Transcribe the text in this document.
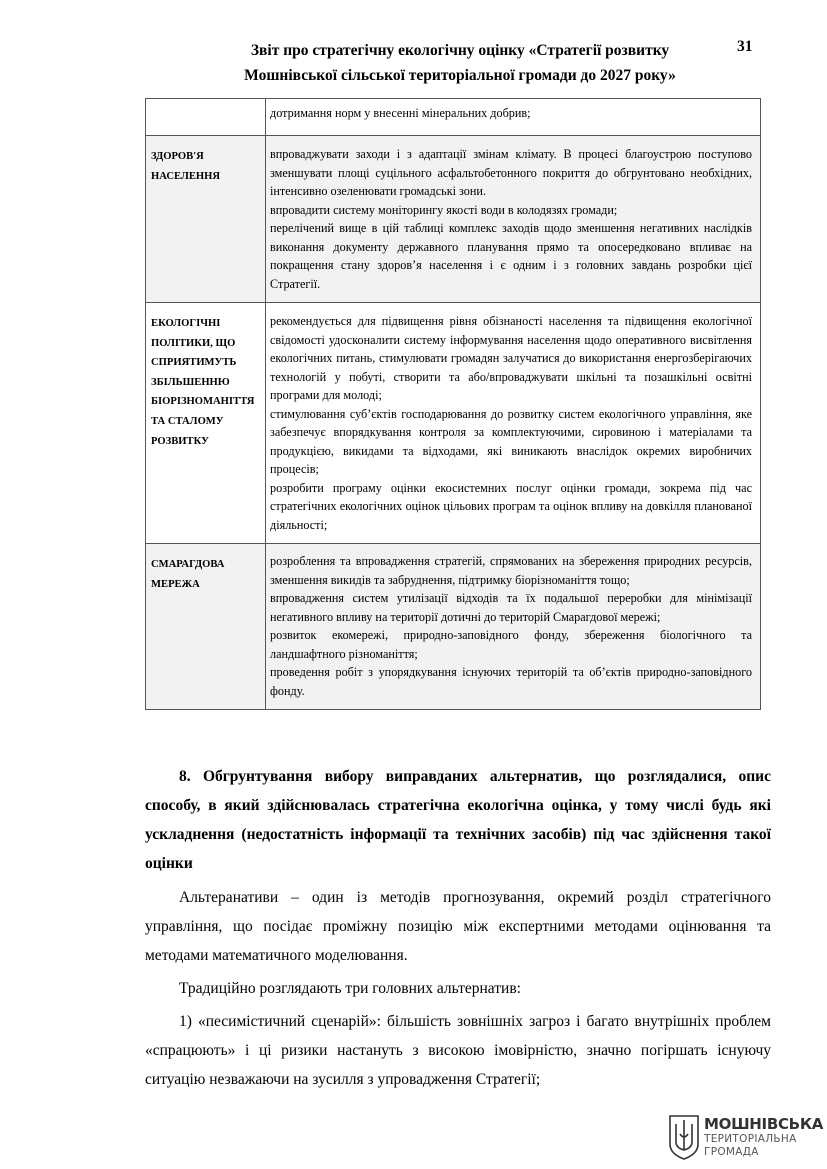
Звіт про стратегічну екологічну оцінку «Стратегії розвитку
Мошнівської сільської територіальної громади до 2027 року»
31
	дотримання норм у внесенні мінеральних добрив;
ЗДОРОВ'Я НАСЕЛЕННЯ	впроваджувати заходи і з адаптації змінам клімату. В процесі благоустрою поступово зменшувати площі суцільного асфальтобетонного покриття до обгрунтовано необхідних, інтенсивно озеленювати громадські зони.

впровадити систему моніторингу якості води в колодязях громади;

перелічений вище в цій таблиці комплекс заходів щодо зменшення негативних наслідків виконання документу державного планування прямо та опосередковано впливає на покращення стану здоров’я населення і є одним і з головних завдань розробки цієї Стратегії.

ЕКОЛОГІЧНІ ПОЛІТИКИ, ЩО СПРИЯТИМУТЬ ЗБІЛЬШЕННЮ БІОРІЗНОМАНІТТЯ ТА СТАЛОМУ РОЗВИТКУ	рекомендується для підвищення рівня обізнаності населення та підвищення екологічної свідомості удосконалити систему інформування населення щодо оперативного висвітлення екологічних питань, стимулювати громадян залучатися до використання енергозберігаючих технологій у побуті, створити та або/впроваджувати шкільні та позашкільні освітні програми для молоді;

стимулювання суб’єктів господарювання до розвитку систем екологічного управління, яке забезпечує впорядкування контроля за комплектуючими, сировиною і матеріалами та продукцією, викидами та відходами, які виникають внаслідок окремих виробничих процесів;

розробити програму оцінки екосистемних послуг оцінки громади, зокрема під час стратегічних екологічних оцінок цільових програм та оцінок впливу на довкілля планованої діяльності;

СМАРАГДОВА МЕРЕЖА	розроблення та впровадження стратегій, спрямованих на збереження природних ресурсів, зменшення викидів та забруднення, підтримку біорізноманіття тощо;

впровадження систем утилізації відходів та їх подальшої переробки для мінімізації негативного впливу на території дотичні до територій Смарагдової мережі;

розвиток екомережі, природно-заповідного фонду, збереження біологічного та ландшафтного різноманіття;

проведення робіт з упорядкування існуючих територій та об’єктів природно-заповідного фонду.

8. Обгрунтування вибору виправданих альтернатив, що розглядалися, опис способу, в який здійснювалась стратегічна екологічна оцінка, у тому числі будь які ускладнення (недостатність інформації та технічних засобів) під час здійснення такої оцінки

Альтеранативи – один із методів прогнозування, окремий розділ стратегічного управління, що посідає проміжну позицію між експертними методами оцінювання та методами математичного моделювання.

Традиційно розглядають три головних альтернатив:

1) «песимістичний сценарій»: більшість зовнішніх загроз і багато внутрішніх проблем «спрацюють» і ці ризики настануть з високою імовірністю, значно погіршать існуючу ситуацію незважаючи на зусилля з упровадження Стратегії;

МОШНІВСЬКА
ТЕРИТОРІАЛЬНА
ГРОМАДА
